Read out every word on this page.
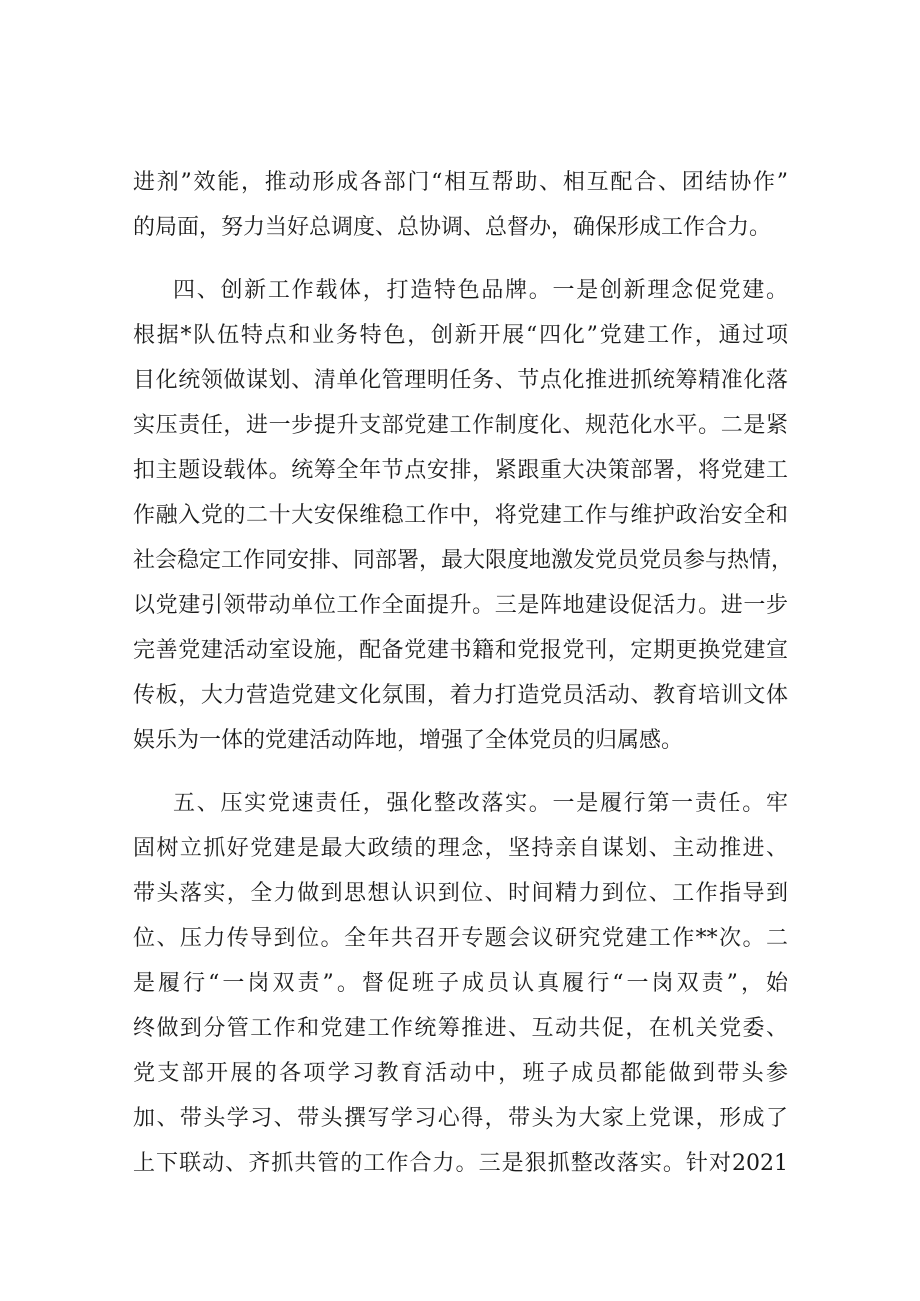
进剂”效能，推动形成各部门“相互帮助、相互配合、团结协作”
的局面，努力当好总调度、总协调、总督办，确保形成工作合力。
四、创新工作载体，打造特色品牌。一是创新理念促党建。
根据*队伍特点和业务特色，创新开展“四化”党建工作，通过项
目化统领做谋划、清单化管理明任务、节点化推进抓统筹精准化落
实压责任，进一步提升支部党建工作制度化、规范化水平。二是紧
扣主题设载体。统筹全年节点安排，紧跟重大决策部署，将党建工
作融入党的二十大安保维稳工作中，将党建工作与维护政治安全和
社会稳定工作同安排、同部署，最大限度地激发党员党员参与热情，
以党建引领带动单位工作全面提升。三是阵地建设促活力。进一步
完善党建活动室设施，配备党建书籍和党报党刊，定期更换党建宣
传板，大力营造党建文化氛围，着力打造党员活动、教育培训文体
娱乐为一体的党建活动阵地，增强了全体党员的归属感。
五、压实党速责任，强化整改落实。一是履行第一责任。牢
固树立抓好党建是最大政绩的理念，坚持亲自谋划、主动推进、
带头落实，全力做到思想认识到位、时间精力到位、工作指导到
位、压力传导到位。全年共召开专题会议研究党建工作**次。二
是履行“一岗双责”。督促班子成员认真履行“一岗双责”，始
终做到分管工作和党建工作统筹推进、互动共促，在机关党委、
党支部开展的各项学习教育活动中，班子成员都能做到带头参
加、带头学习、带头撰写学习心得，带头为大家上党课，形成了
上下联动、齐抓共管的工作合力。三是狠抓整改落实。针对2021
